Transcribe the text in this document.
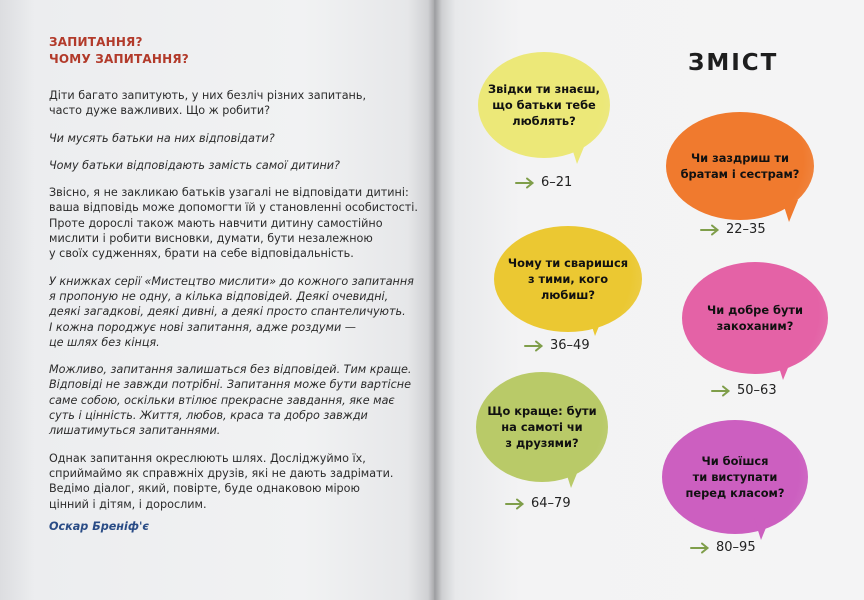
ЗАПИТАННЯ?
ЧОМУ ЗАПИТАННЯ?
Діти багато запитують, у них безліч різних запитань,
часто дуже важливих. Що ж робити?
Чи мусять батьки на них відповідати?
Чому батьки відповідають замість самої дитини?
Звісно, я не закликаю батьків узагалі не відповідати дитині:
ваша відповідь може допомогти їй у становленні особистості.
Проте дорослі також мають навчити дитину самостійно
мислити і робити висновки, думати, бути незалежною
у своїх судженнях, брати на себе відповідальність.
У книжках серії «Мистецтво мислити» до кожного запитання
я пропоную не одну, а кілька відповідей. Деякі очевидні,
деякі загадкові, деякі дивні, а деякі просто спантеличують.
І кожна породжує нові запитання, адже роздуми —
це шлях без кінця.
Можливо, запитання залишаться без відповідей. Тим краще.
Відповіді не завжди потрібні. Запитання може бути вартісне
саме собою, оскільки втілює прекрасне завдання, яке має
суть і цінність. Життя, любов, краса та добро завжди
лишатимуться запитаннями.
Однак запитання окреслюють шлях. Досліджуймо їх,
сприймаймо як справжніх друзів, які не дають задрімати.
Ведімо діалог, який, повірте, буде однаковою мірою
цінний і дітям, і дорослим.
Оскар Бреніф'є
ЗМІСТ
Звідки ти знаєш,
що батьки тебе
люблять?
6–21
Чи заздриш ти
братам і сестрам?
22–35
Чому ти сваришся
з тими, кого
любиш?
36–49
Чи добре бути
закоханим?
50–63
Що краще: бути
на самоті чи
з друзями?
64–79
Чи боїшся
ти виступати
перед класом?
80–95
